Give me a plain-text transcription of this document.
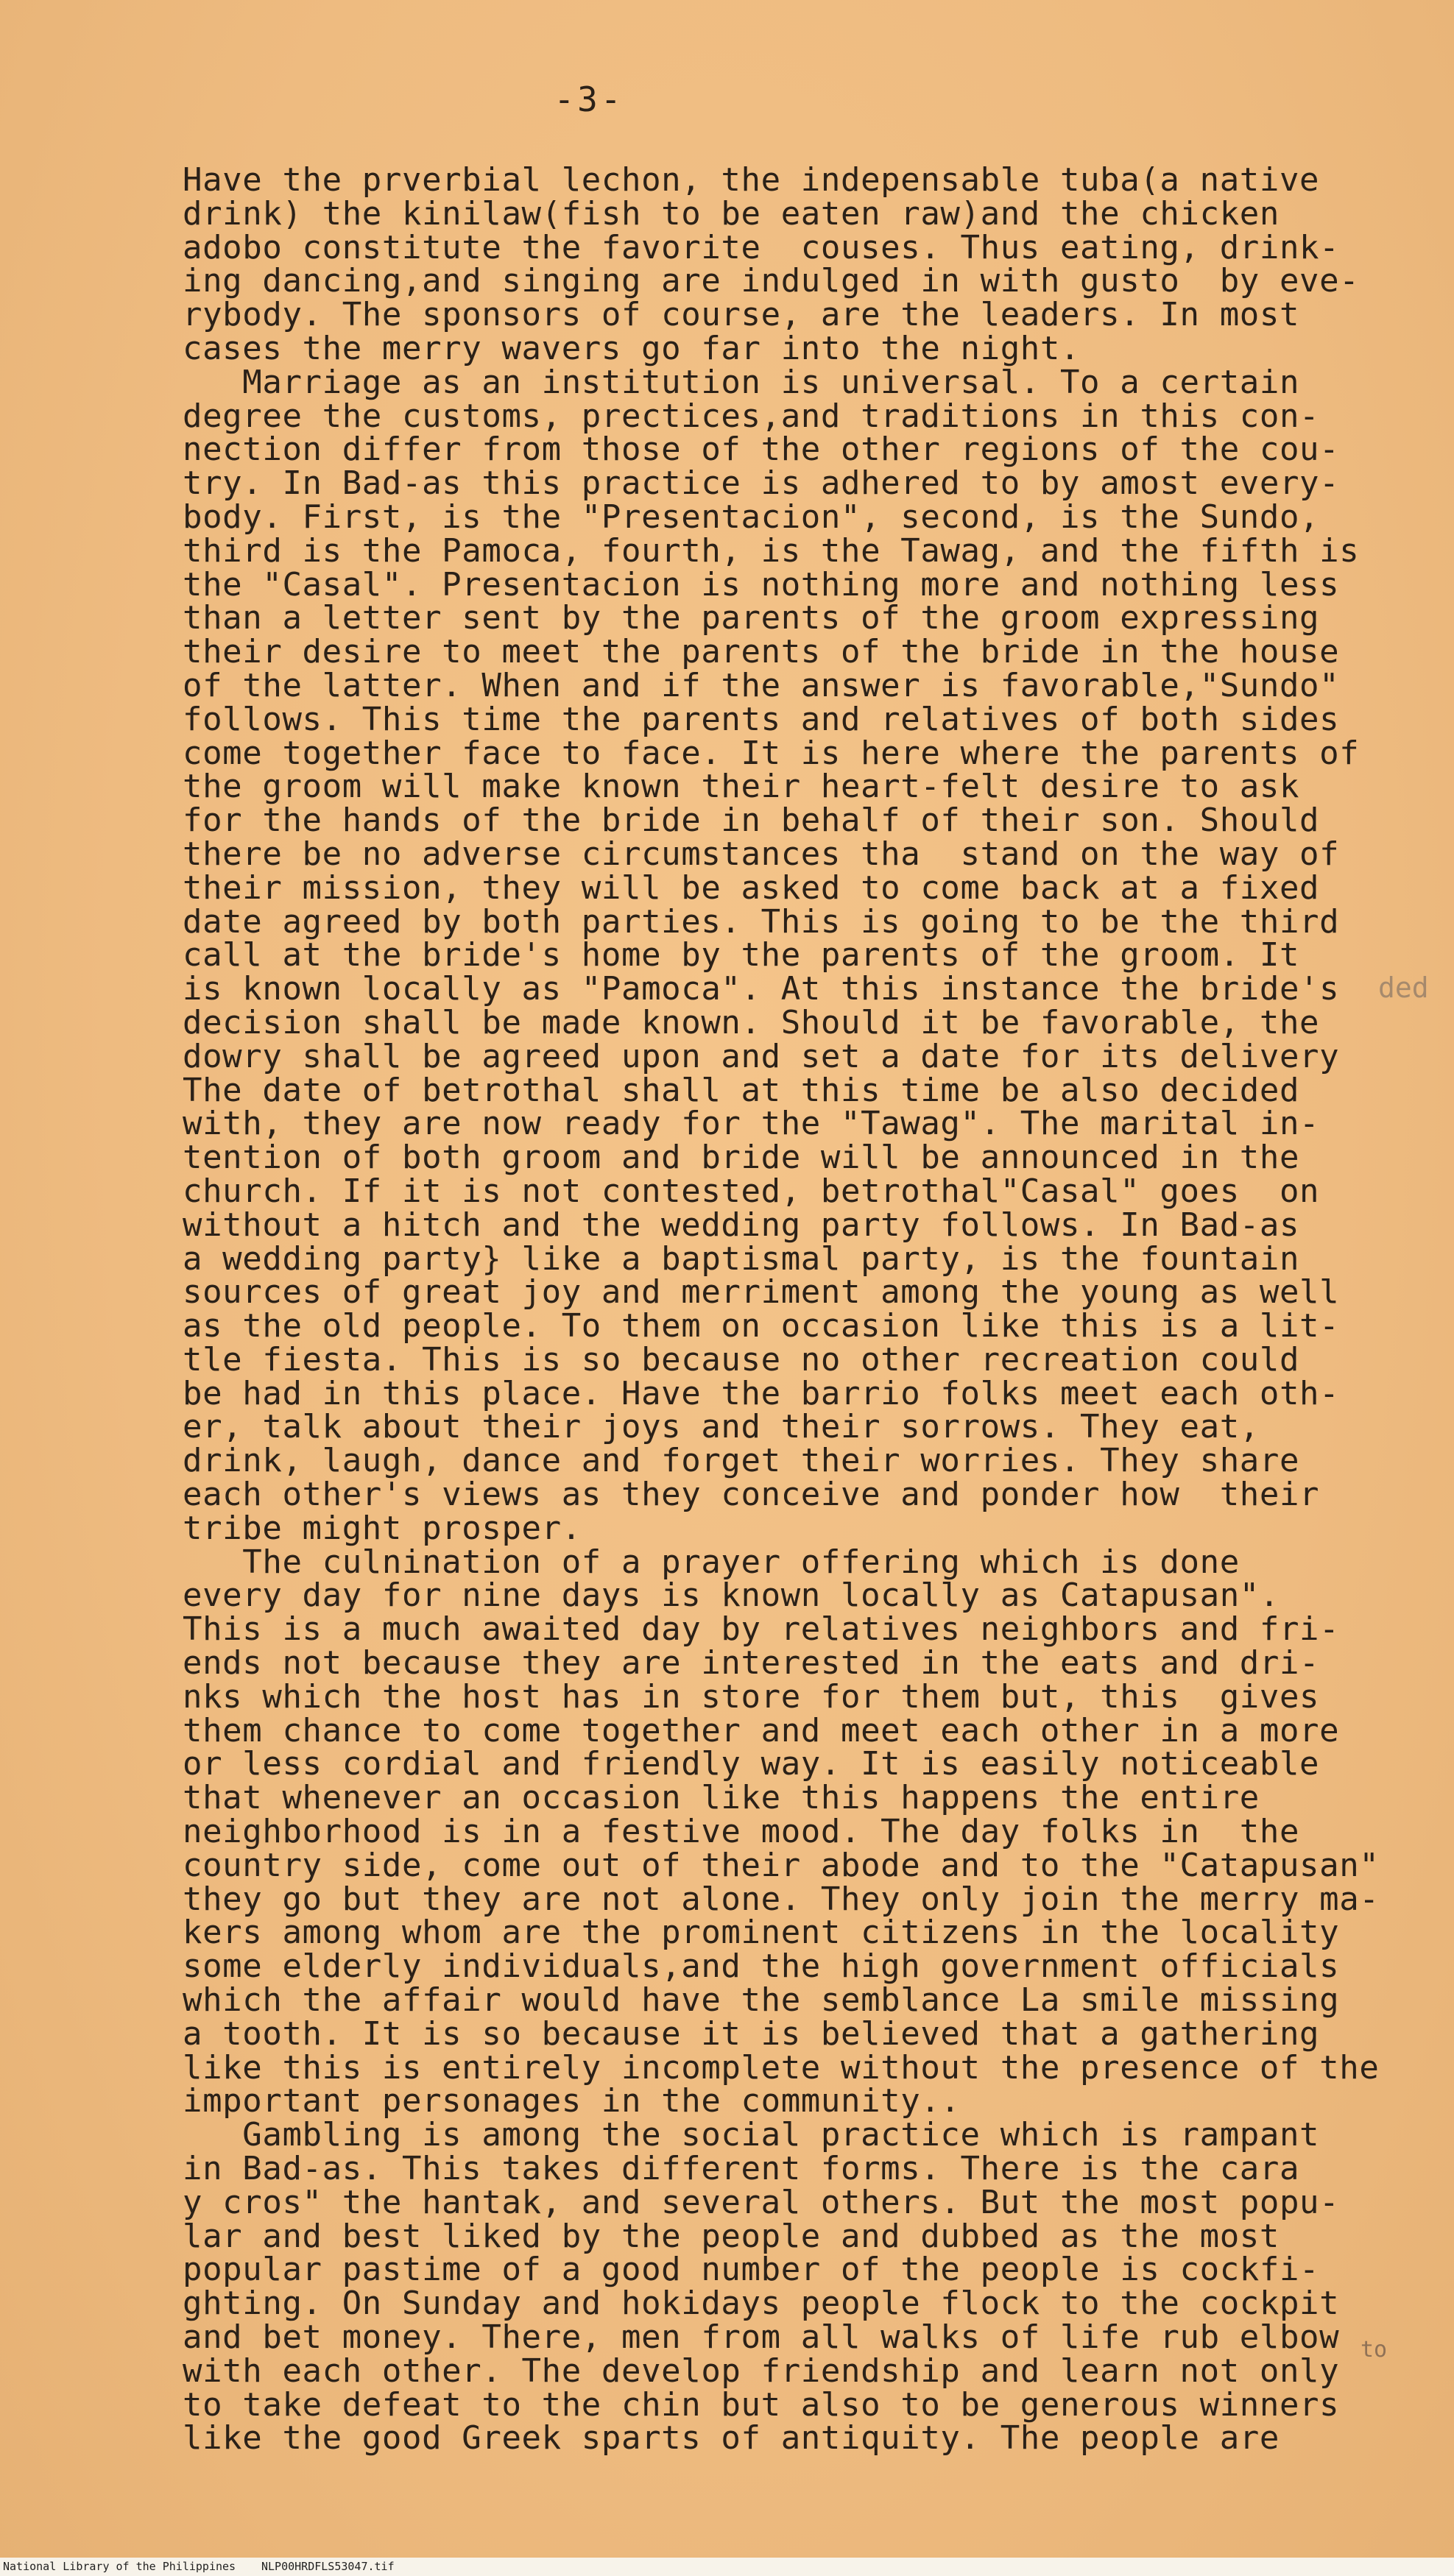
-3-
Have the prverbial lechon, the indepensable tuba(a native
drink) the kinilaw(fish to be eaten raw)and the chicken
adobo constitute the favorite  couses. Thus eating, drink-
ing dancing,and singing are indulged in with gusto  by eve-
rybody. The sponsors of course, are the leaders. In most
cases the merry wavers go far into the night.
Marriage as an institution is universal. To a certain
degree the customs, prectices,and traditions in this con-
nection differ from those of the other regions of the cou-
try. In Bad-as this practice is adhered to by amost every-
body. First, is the "Presentacion", second, is the Sundo,
third is the Pamoca, fourth, is the Tawag, and the fifth is
the "Casal". Presentacion is nothing more and nothing less
than a letter sent by the parents of the groom expressing
their desire to meet the parents of the bride in the house
of the latter. When and if the answer is favorable,"Sundo"
follows. This time the parents and relatives of both sides
come together face to face. It is here where the parents of
the groom will make known their heart-felt desire to ask
for the hands of the bride in behalf of their son. Should
there be no adverse circumstances tha  stand on the way of
their mission, they will be asked to come back at a fixed
date agreed by both parties. This is going to be the third
call at the bride's home by the parents of the groom. It
is known locally as "Pamoca". At this instance the bride's
decision shall be made known. Should it be favorable, the
dowry shall be agreed upon and set a date for its delivery
The date of betrothal shall at this time be also decided
with, they are now ready for the "Tawag". The marital in-
tention of both groom and bride will be announced in the
church. If it is not contested, betrothal"Casal" goes  on
without a hitch and the wedding party follows. In Bad-as
a wedding party} like a baptismal party, is the fountain
sources of great joy and merriment among the young as well
as the old people. To them on occasion like this is a lit-
tle fiesta. This is so because no other recreation could
be had in this place. Have the barrio folks meet each oth-
er, talk about their joys and their sorrows. They eat,
drink, laugh, dance and forget their worries. They share
each other's views as they conceive and ponder how  their
tribe might prosper.
The culnination of a prayer offering which is done
every day for nine days is known locally as Catapusan".
This is a much awaited day by relatives neighbors and fri-
ends not because they are interested in the eats and dri-
nks which the host has in store for them but, this  gives
them chance to come together and meet each other in a more
or less cordial and friendly way. It is easily noticeable
that whenever an occasion like this happens the entire
neighborhood is in a festive mood. The day folks in  the
country side, come out of their abode and to the "Catapusan"
they go but they are not alone. They only join the merry ma-
kers among whom are the prominent citizens in the locality
some elderly individuals,and the high government officials
which the affair would have the semblance La smile missing
a tooth. It is so because it is believed that a gathering
like this is entirely incomplete without the presence of the
important personages in the community..
Gambling is among the social practice which is rampant
in Bad-as. This takes different forms. There is the cara
y cros" the hantak, and several others. But the most popu-
lar and best liked by the people and dubbed as the most
popular pastime of a good number of the people is cockfi-
ghting. On Sunday and hokidays people flock to the cockpit
and bet money. There, men from all walks of life rub elbow
with each other. The develop friendship and learn not only
to take defeat to the chin but also to be generous winners
like the good Greek sparts of antiquity. The people are
ded
to
National Library of the Philippines NLP00HRDFLS53047.tif
